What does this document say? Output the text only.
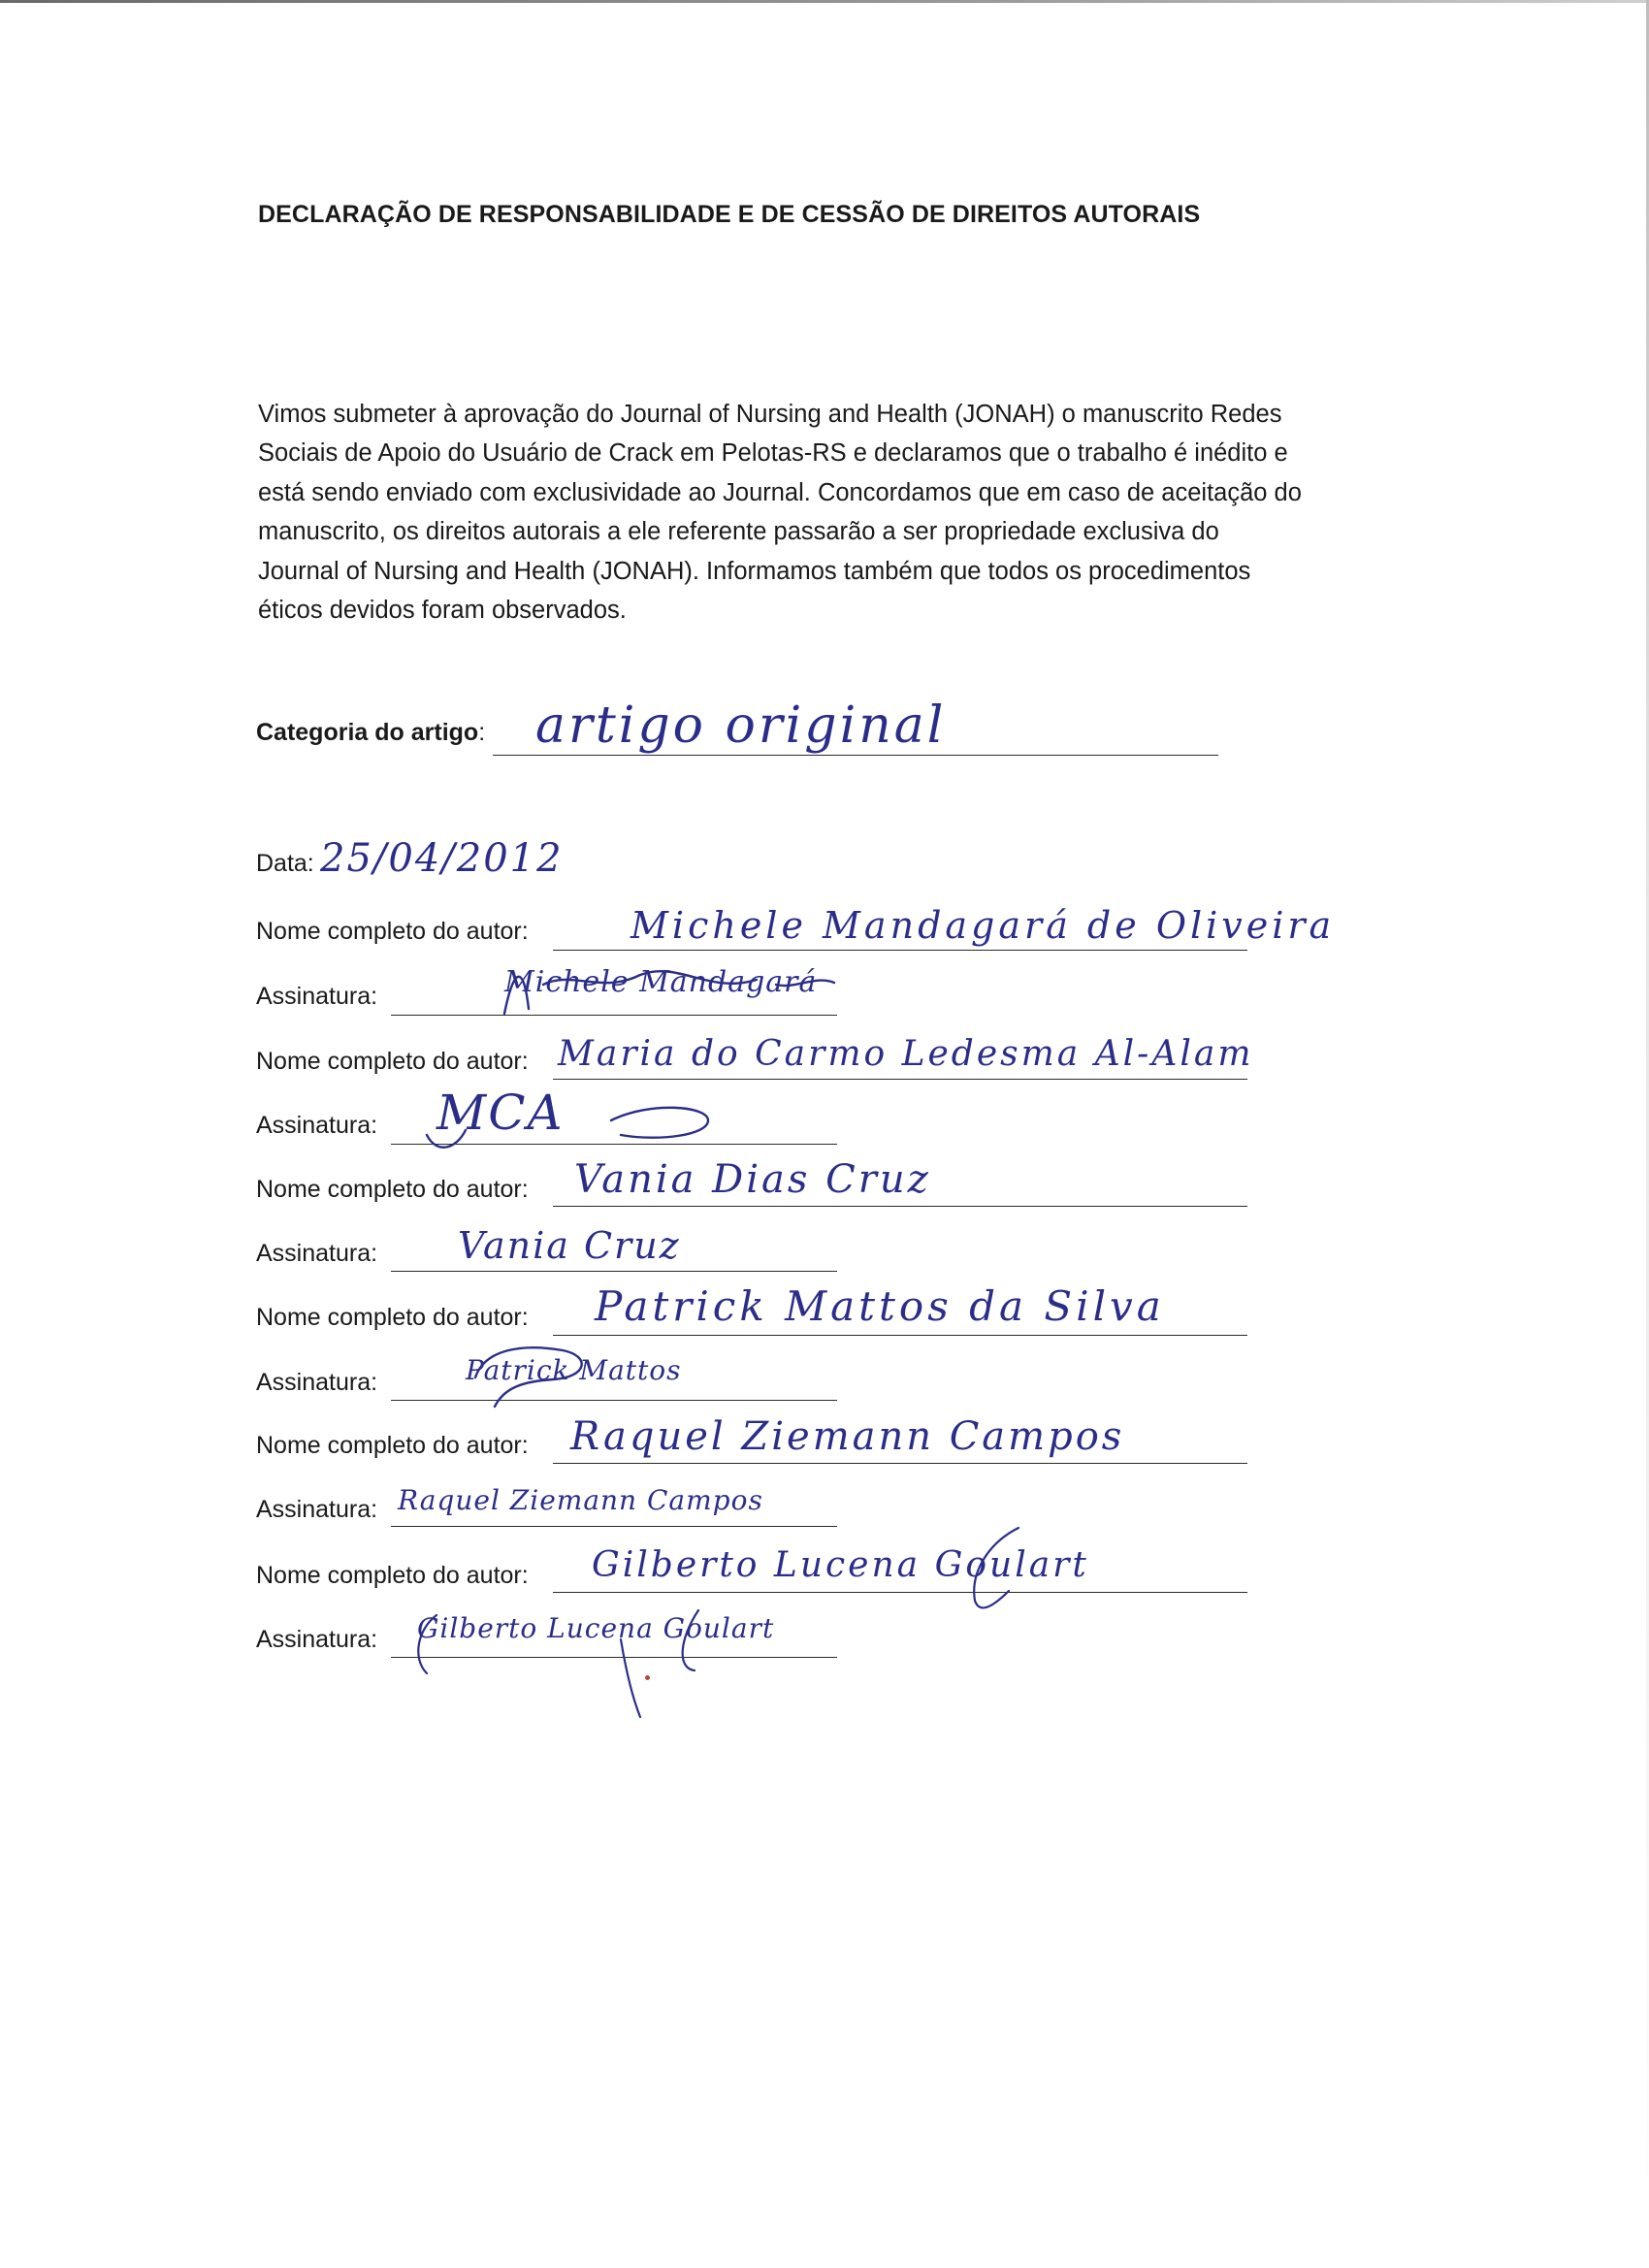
DECLARAÇÃO DE RESPONSABILIDADE E DE CESSÃO DE DIREITOS AUTORAIS
Vimos submeter à aprovação do Journal of Nursing and Health (JONAH) o manuscrito Redes
Sociais de Apoio do Usuário de Crack em Pelotas-RS e declaramos que o trabalho é inédito e
está sendo enviado com exclusividade ao Journal. Concordamos que em caso de aceitação do
manuscrito, os direitos autorais a ele referente passarão a ser propriedade exclusiva do
Journal of Nursing and Health (JONAH). Informamos também que todos os procedimentos
éticos devidos foram observados.
Categoria do artigo: artigo original
Data: 25/04/2012
Nome completo do autor:	Michele Mandagará de Oliveira
Assinatura:	Michele Mandagará
Nome completo do autor: Maria do Carmo Ledesma Al-Alam
Assinatura: MCA
Nome completo do autor: Vania Dias Cruz
Assinatura: Vania Cruz
Nome completo do autor: Patrick Mattos da Silva
Assinatura:	Patrick Mattos
Nome completo do autor: Raquel Ziemann Campos
Assinatura: Raquel Ziemann Campos
Nome completo do autor: Gilberto Lucena Goulart
Assinatura: Gilberto Lucena Goulart
